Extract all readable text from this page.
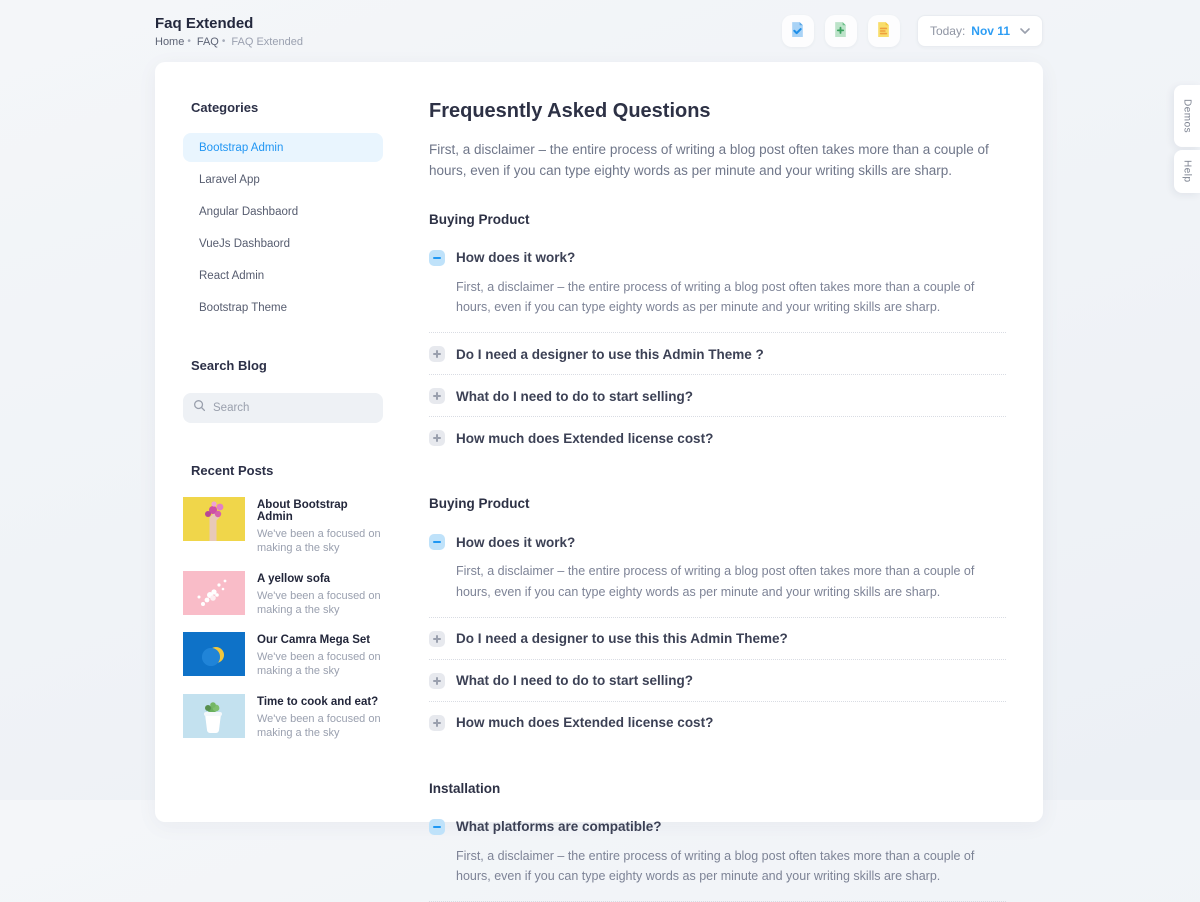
Faq Extended
Home • FAQ • FAQ Extended
Today: Nov 11
Categories
Bootstrap Admin
Laravel App
Angular Dashbaord
VueJs Dashbaord
React Admin
Bootstrap Theme
Search Blog
Search
Recent Posts
About Bootstrap Admin
We've been a focused on making a the sky
A yellow sofa
We've been a focused on making a the sky
Our Camra Mega Set
We've been a focused on making a the sky
Time to cook and eat?
We've been a focused on making a the sky
Frequesntly Asked Questions
First, a disclaimer – the entire process of writing a blog post often takes more than a couple of hours, even if you can type eighty words as per minute and your writing skills are sharp.
Buying Product
How does it work?
First, a disclaimer – the entire process of writing a blog post often takes more than a couple of hours, even if you can type eighty words as per minute and your writing skills are sharp.
Do I need a designer to use this Admin Theme ?
What do I need to do to start selling?
How much does Extended license cost?
Buying Product
How does it work?
First, a disclaimer – the entire process of writing a blog post often takes more than a couple of hours, even if you can type eighty words as per minute and your writing skills are sharp.
Do I need a designer to use this this Admin Theme?
What do I need to do to start selling?
How much does Extended license cost?
Installation
What platforms are compatible?
First, a disclaimer – the entire process of writing a blog post often takes more than a couple of hours, even if you can type eighty words as per minute and your writing skills are sharp.
Demos
Help
